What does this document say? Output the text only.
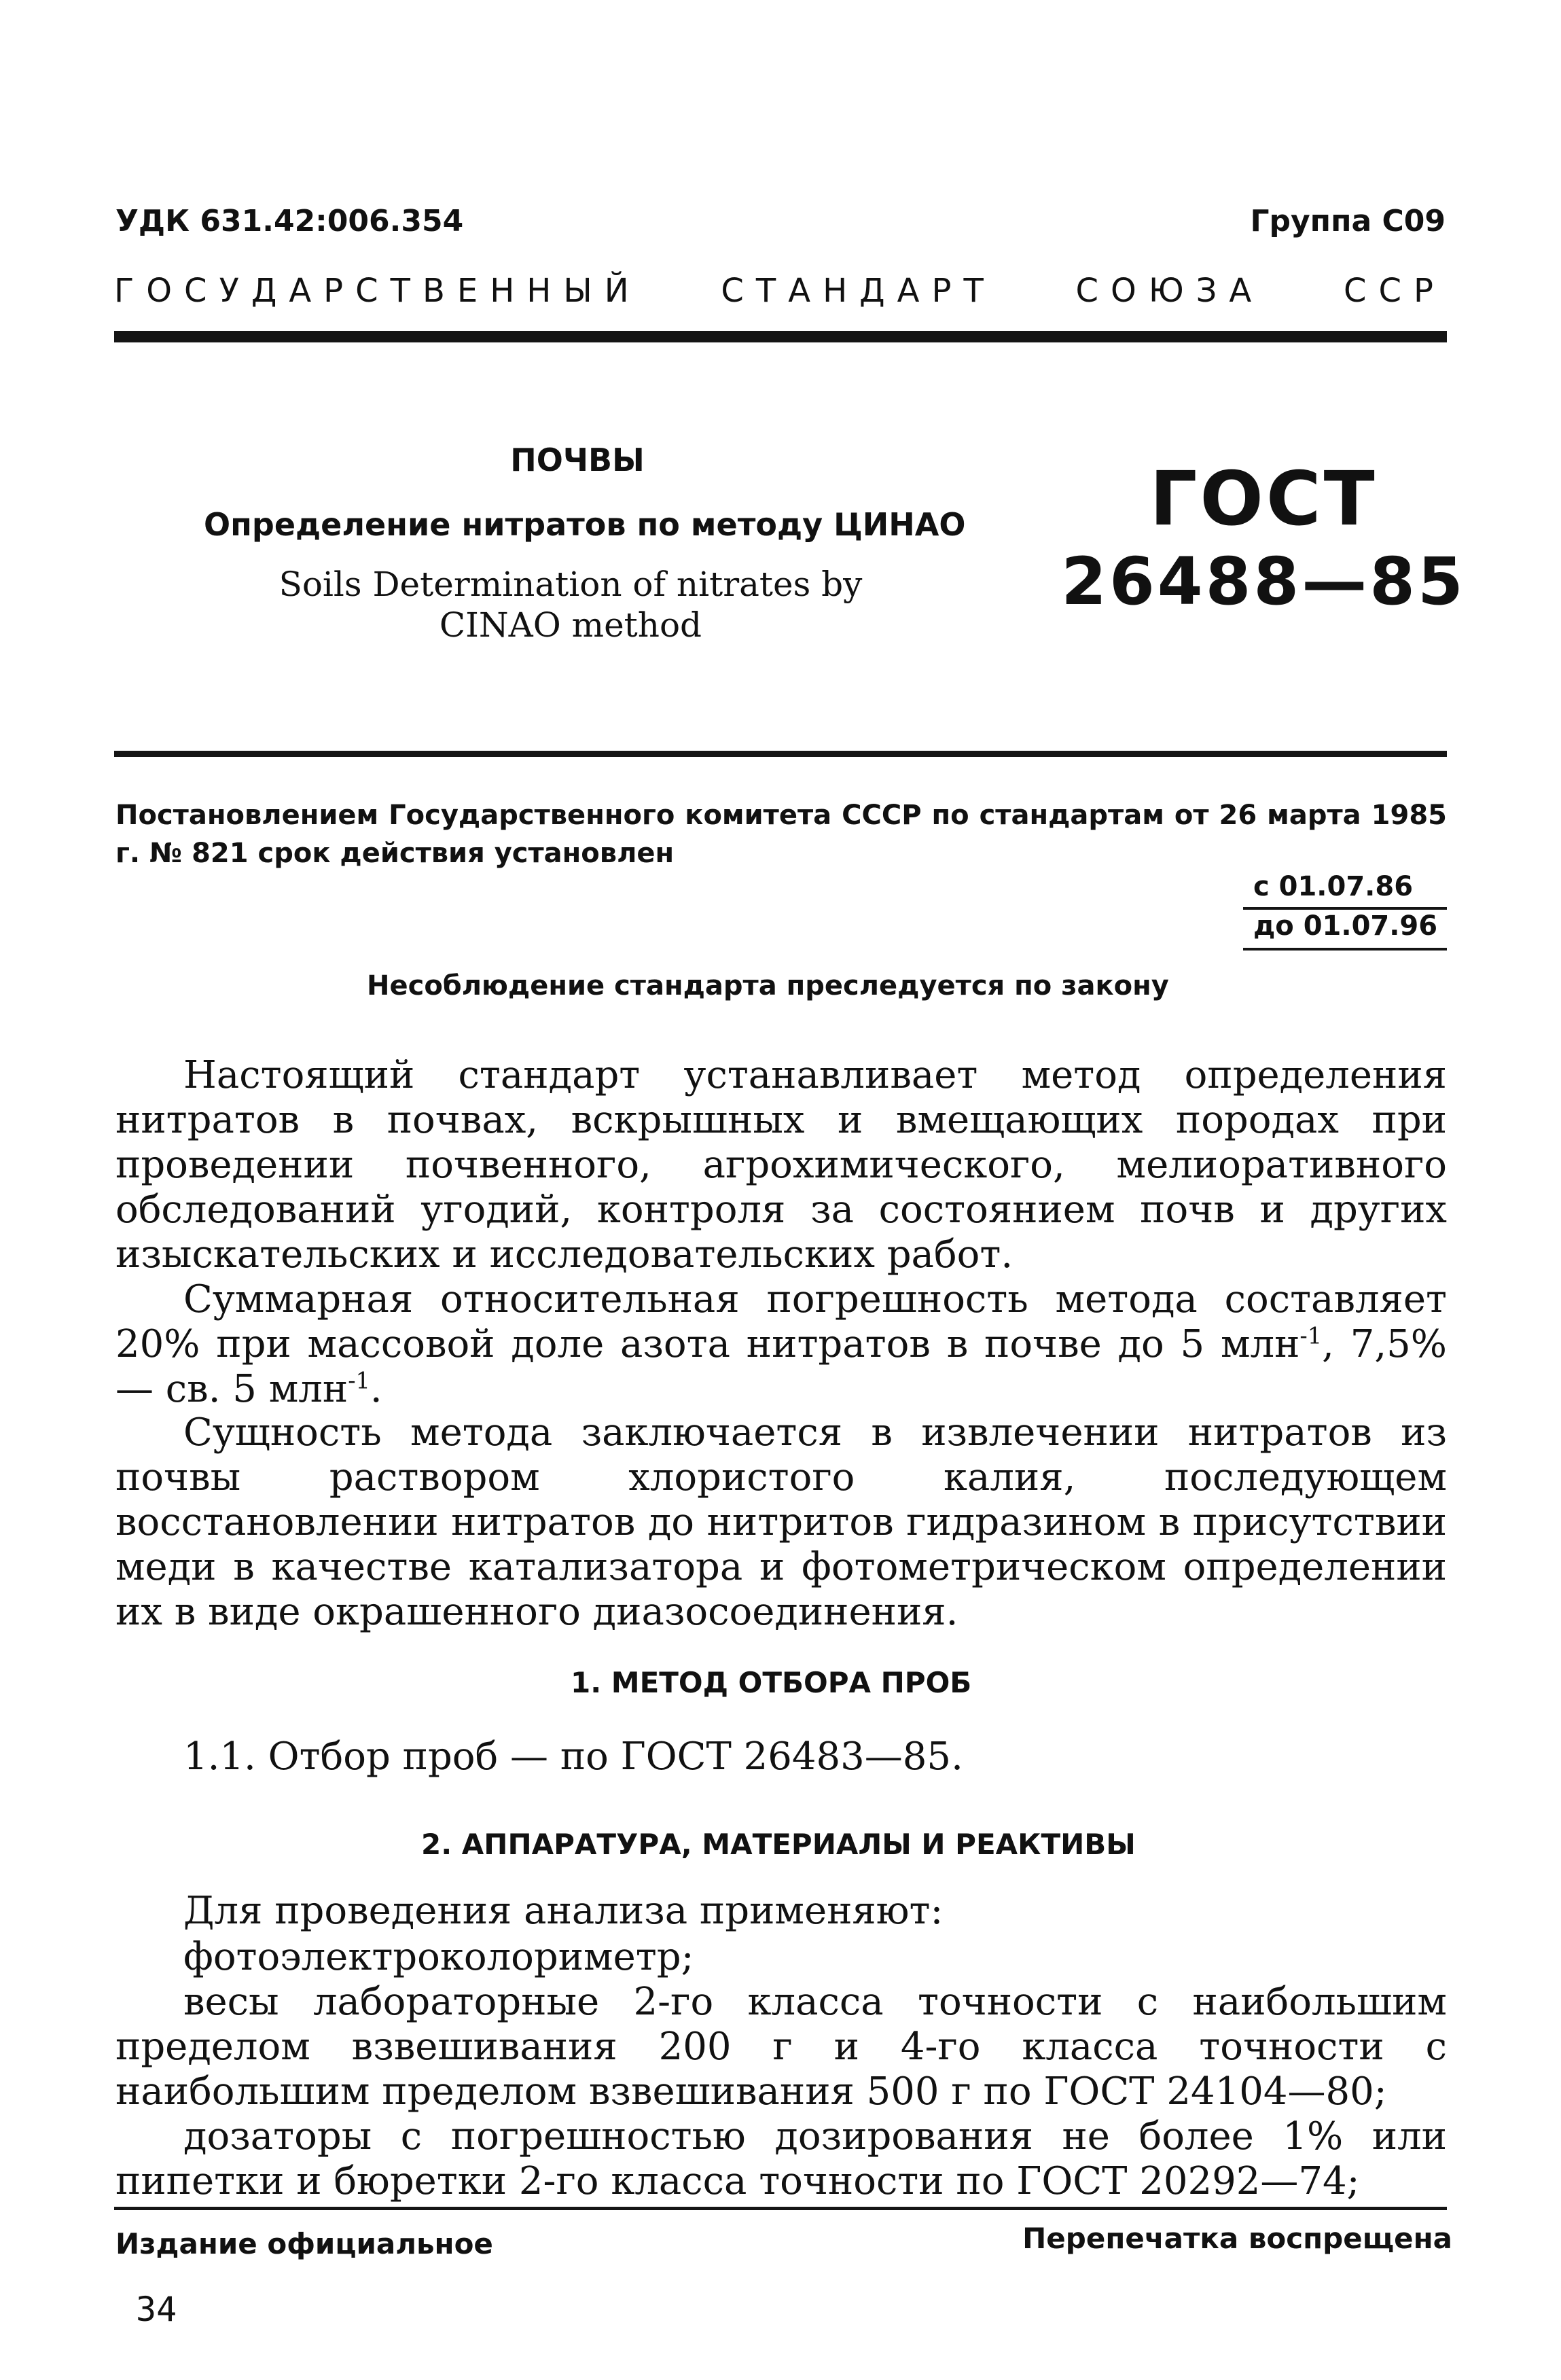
УДК 631.42:006.354	Группа С09
ГОСУДАРСТВЕННЫЙ СТАНДАРТ СОЮЗА ССР
ПОЧВЫ
Определение нитратов по методу ЦИНАО
Soils Determination of nitrates by CINAO method
ГОСТ
26488—85
Постановлением Государственного комитета СССР по стандартам от 26 марта 1985 г. № 821 срок действия установлен
с 01.07.86
до 01.07.96
Несоблюдение стандарта преследуется по закону
Настоящий стандарт устанавливает метод определения нитратов в почвах, вскрышных и вмещающих породах при проведении почвенного, агрохимического, мелиоративного обследований угодий, контроля за состоянием почв и других изыскательских и исследовательских работ.
Суммарная относительная погрешность метода составляет 20% при массовой доле азота нитратов в почве до 5 млн$^{-1}$, 7,5% — св. 5 млн$^{-1}$.
Сущность метода заключается в извлечении нитратов из почвы раствором хлористого калия, последующем восстановлении нитратов до нитритов гидразином в присутствии меди в качестве катализатора и фотометрическом определении их в виде окрашенного диазосоединения.
1. МЕТОД ОТБОРА ПРОБ
1.1. Отбор проб — по ГОСТ 26483—85.
2. АППАРАТУРА, МАТЕРИАЛЫ И РЕАКТИВЫ
Для проведения анализа применяют:
фотоэлектроколориметр;
весы лабораторные 2-го класса точности с наибольшим пределом взвешивания 200 г и 4-го класса точности с наибольшим пределом взвешивания 500 г по ГОСТ 24104—80;
дозаторы с погрешностью дозирования не более 1% или пипетки и бюретки 2-го класса точности по ГОСТ 20292—74;
Издание официальное	Перепечатка воспрещена
34
